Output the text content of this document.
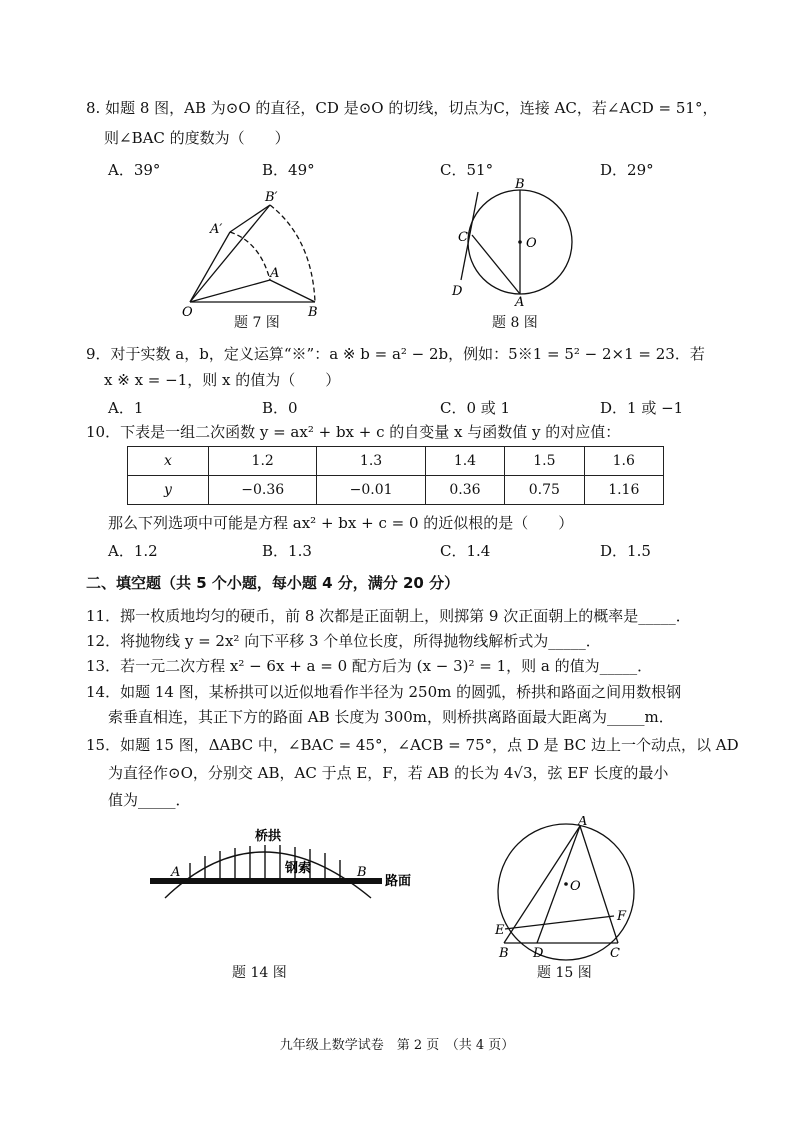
8. 如题 8 图，AB 为⊙O 的直径，CD 是⊙O 的切线，切点为C，连接 AC，若∠ACD = 51°，
则∠BAC 的度数为（　　）
A．39°	B．49°	C．51°	D．29°
B′
A′
A
O	B
题 7 图
B
C	O
D
A
题 8 图
9．对于实数 a，b，定义运算“※”：a ※ b = a² − 2b，例如：5※1 = 5² − 2×1 = 23．若
x ※ x = −1，则 x 的值为（　　）
A．1	B．0	C．0 或 1	D．1 或 −1
10．下表是一组二次函数 y = ax² + bx + c 的自变量 x 与函数值 y 的对应值：
x	1.2	1.3	1.4	1.5	1.6
y	−0.36	−0.01	0.36	0.75	1.16
那么下列选项中可能是方程 ax² + bx + c = 0 的近似根的是（　　）
A．1.2	B．1.3	C．1.4	D．1.5
二、填空题（共 5 个小题，每小题 4 分，满分 20 分）
11．掷一枚质地均匀的硬币，前 8 次都是正面朝上，则掷第 9 次正面朝上的概率是_____．
12．将抛物线 y = 2x² 向下平移 3 个单位长度，所得抛物线解析式为_____．
13．若一元二次方程 x² − 6x + a = 0 配方后为 (x − 3)² = 1，则 a 的值为_____．
14．如题 14 图，某桥拱可以近似地看作半径为 250m 的圆弧，桥拱和路面之间用数根钢
索垂直相连，其正下方的路面 AB 长度为 300m，则桥拱离路面最大距离为_____m．
15．如题 15 图，ΔABC 中，∠BAC = 45°，∠ACB = 75°，点 D 是 BC 边上一个动点，以 AD
为直径作⊙O，分别交 AB，AC 于点 E，F，若 AB 的长为 4√3，弦 EF 长度的最小
值为_____．
桥拱
钢索
A	B
路面
题 14 图
A
O
E
F
B D	C
题 15 图
九年级上数学试卷　第 2 页　（共 4 页）
